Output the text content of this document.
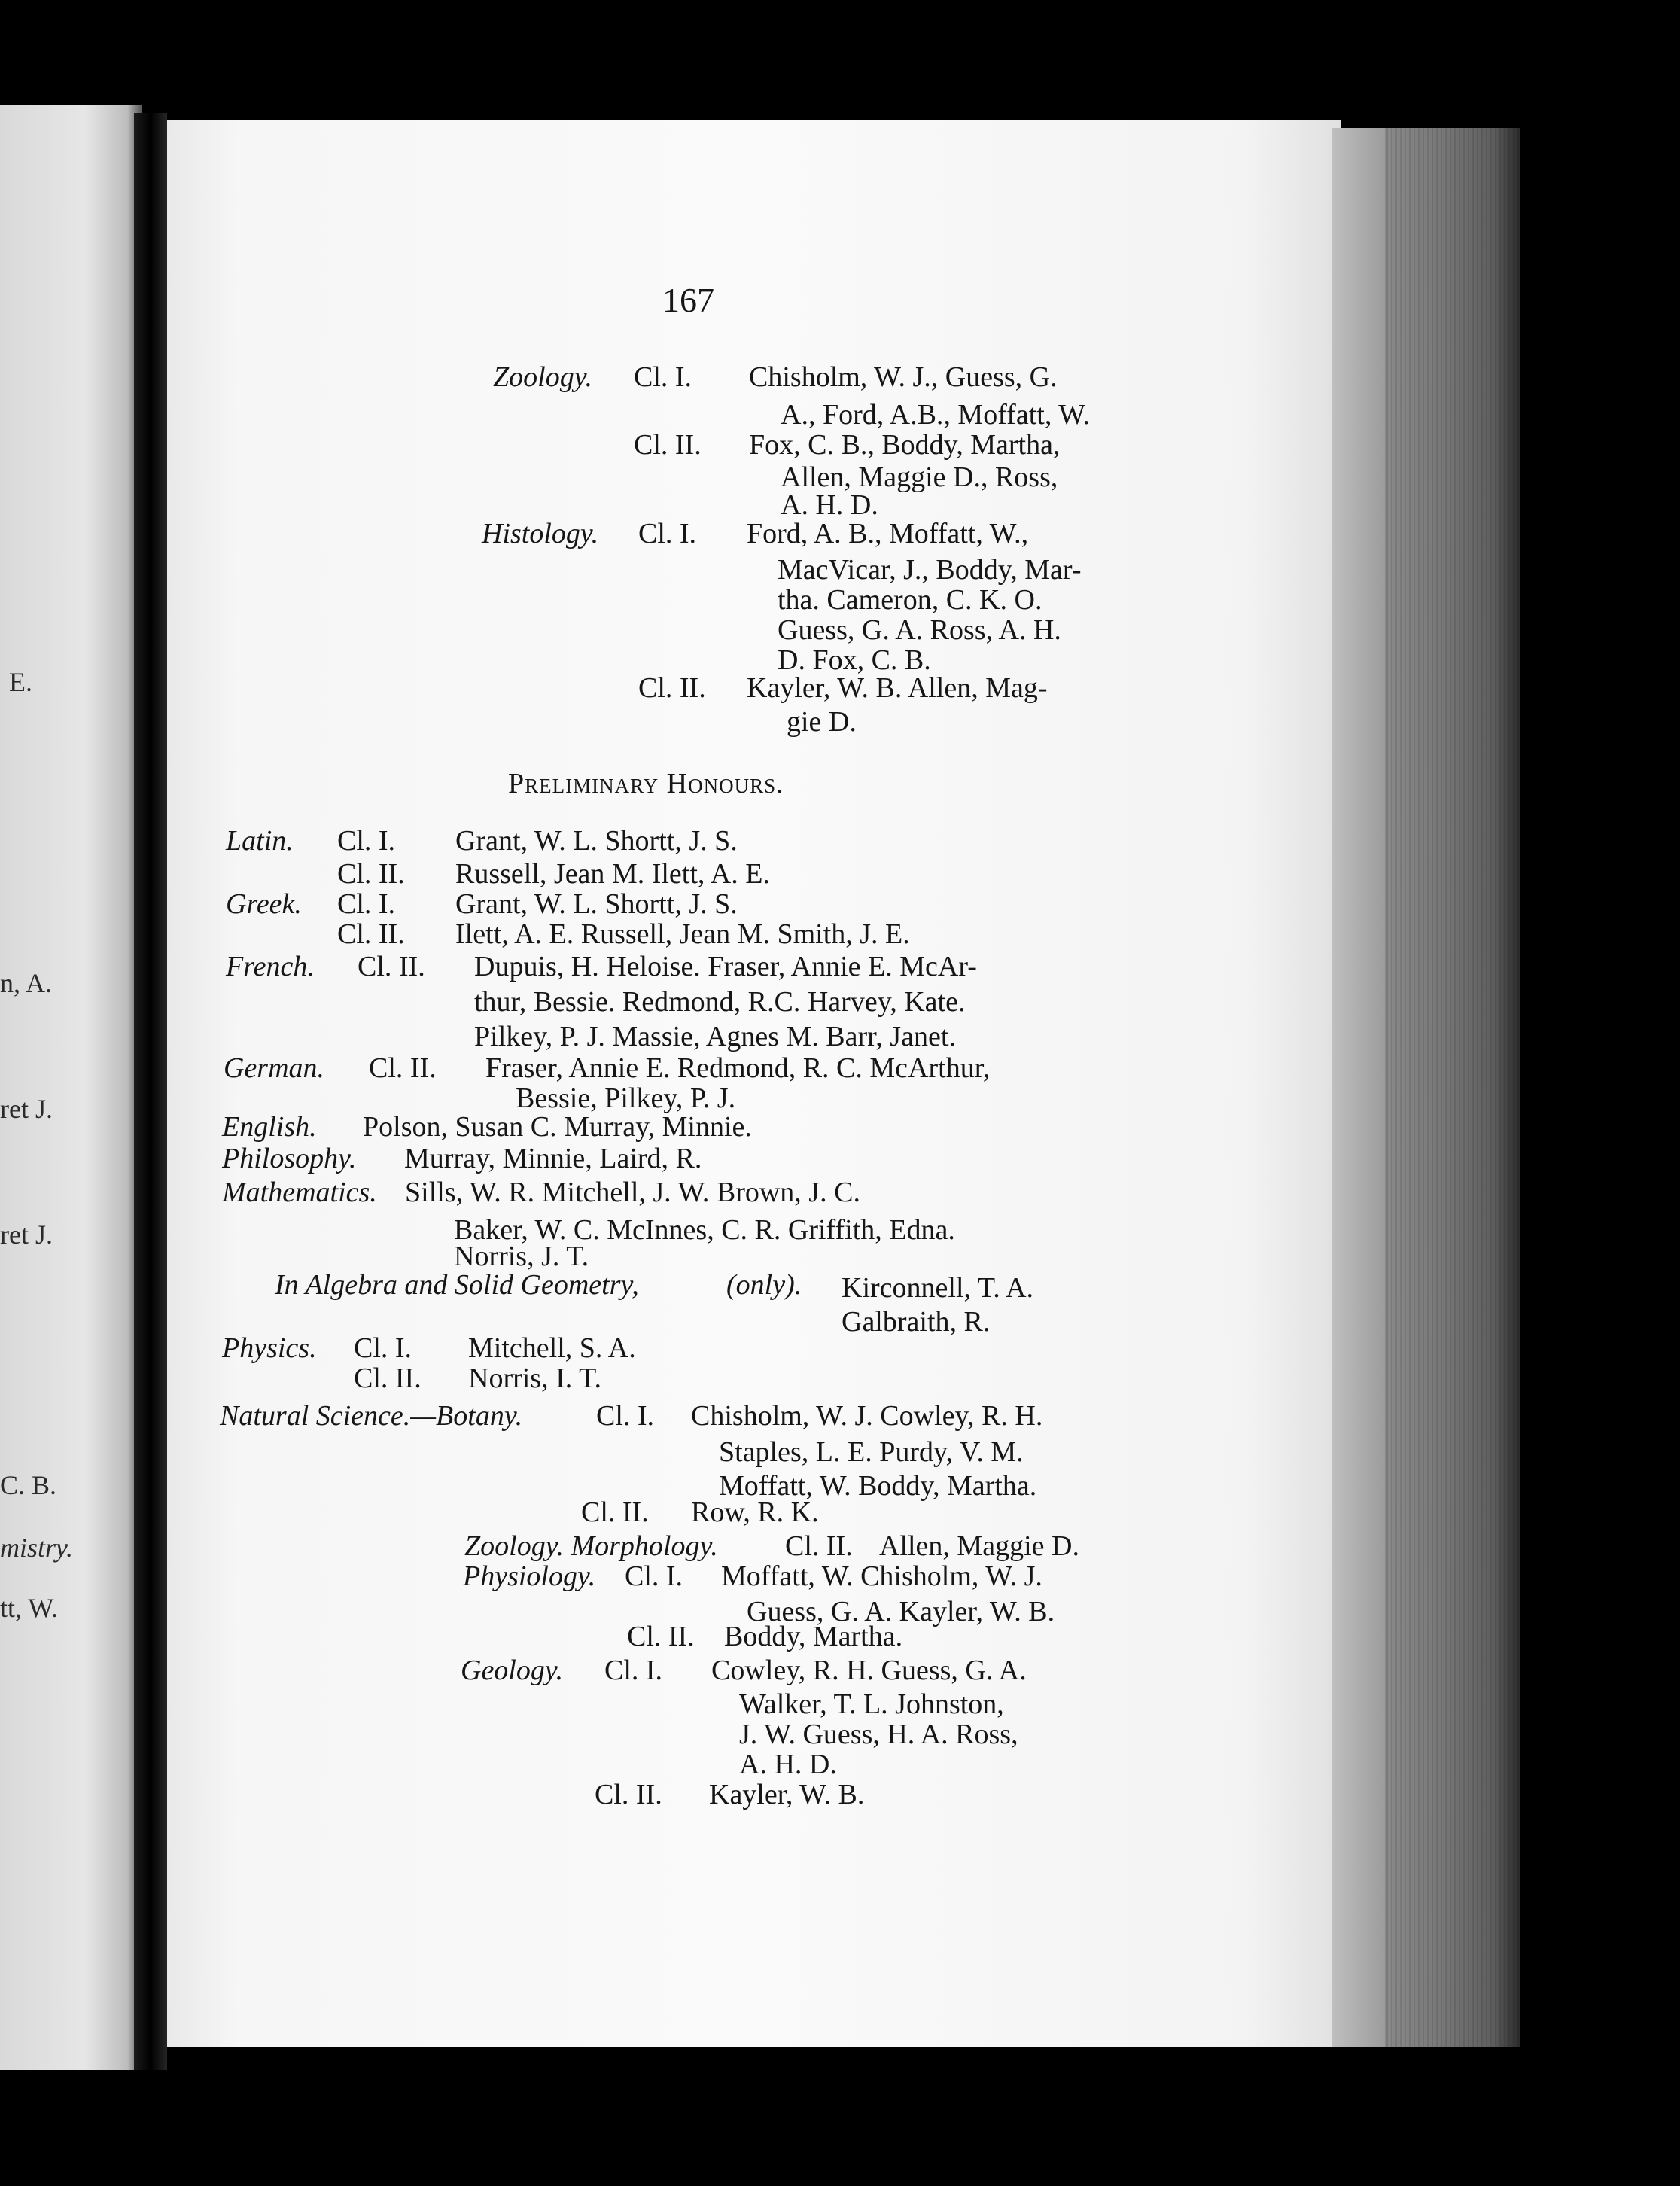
E.
n, A.
ret J.
ret J.
C. B.
mistry.
tt, W.
167
Zoology. Cl. I. Chisholm, W. J., Guess, G.
A., Ford, A.B., Moffatt, W.
Cl. II. Fox, C. B., Boddy, Martha,
Allen, Maggie D., Ross,
A. H. D.
Histology. Cl. I. Ford, A. B., Moffatt, W.,
MacVicar, J., Boddy, Mar-
tha. Cameron, C. K. O.
Guess, G. A. Ross, A. H.
D. Fox, C. B.
Cl. II. Kayler, W. B. Allen, Mag-
gie D.
Preliminary Honours.
Latin. Cl. I. Grant, W. L. Shortt, J. S.
Cl. II. Russell, Jean M. Ilett, A. E.
Greek. Cl. I. Grant, W. L. Shortt, J. S.
Cl. II. Ilett, A. E. Russell, Jean M. Smith, J. E.
French. Cl. II. Dupuis, H. Heloise. Fraser, Annie E. McAr-
thur, Bessie. Redmond, R.C. Harvey, Kate.
Pilkey, P. J. Massie, Agnes M. Barr, Janet.
German. Cl. II. Fraser, Annie E. Redmond, R. C. McArthur,
Bessie, Pilkey, P. J.
English. Polson, Susan C. Murray, Minnie.
Philosophy. Murray, Minnie, Laird, R.
Mathematics. Sills, W. R. Mitchell, J. W. Brown, J. C.
Baker, W. C. McInnes, C. R. Griffith, Edna.
Norris, J. T.
In Algebra and Solid Geometry,	(only). Kirconnell, T. A.
Galbraith, R.
Physics. Cl. I. Mitchell, S. A.
Cl. II. Norris, I. T.
Natural Science.—Botany.	Cl. I. Chisholm, W. J. Cowley, R. H.
Staples, L. E. Purdy, V. M.
Moffatt, W. Boddy, Martha.
Cl. II. Row, R. K.
Zoology. Morphology. Cl. II. Allen, Maggie D.
Physiology. Cl. I. Moffatt, W. Chisholm, W. J.
Guess, G. A. Kayler, W. B.
Cl. II. Boddy, Martha.
Geology. Cl. I. Cowley, R. H. Guess, G. A.
Walker, T. L. Johnston,
J. W. Guess, H. A. Ross,
A. H. D.
Cl. II. Kayler, W. B.
